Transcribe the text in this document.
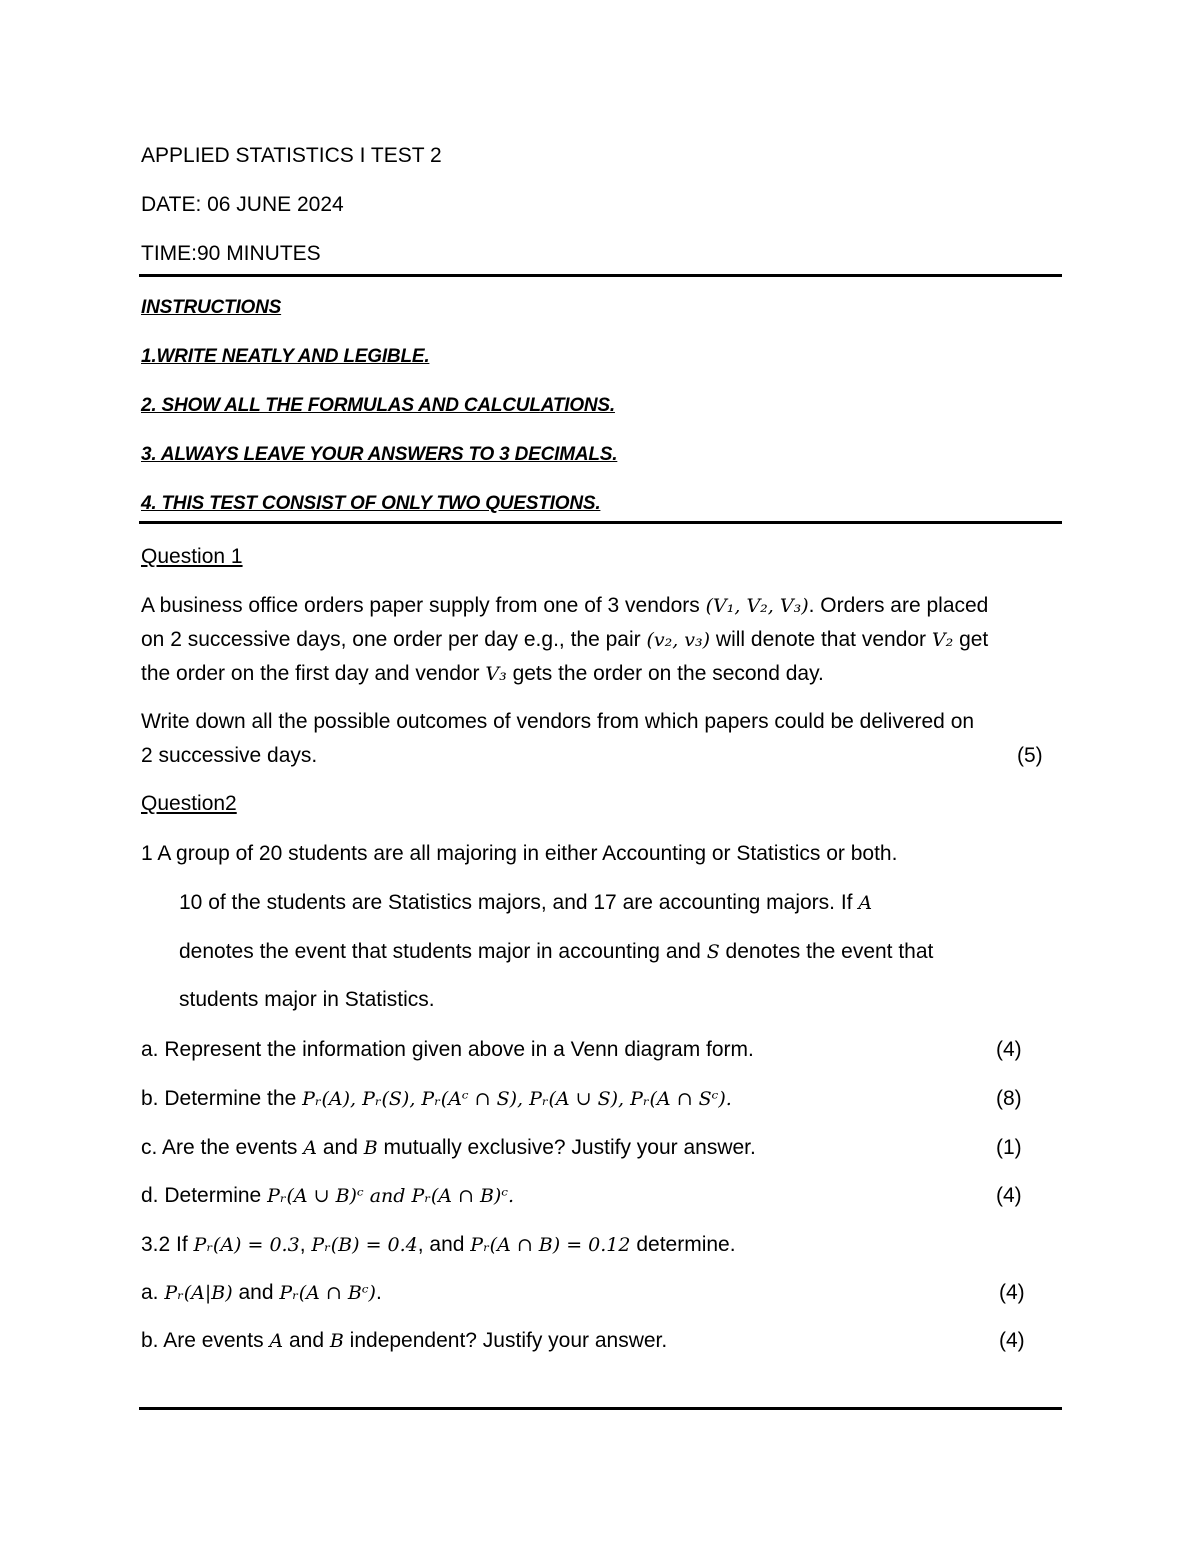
APPLIED STATISTICS I TEST 2
DATE: 06 JUNE 2024
TIME:90 MINUTES
INSTRUCTIONS
1.WRITE NEATLY AND LEGIBLE.
2. SHOW ALL THE FORMULAS AND CALCULATIONS.
3. ALWAYS LEAVE YOUR ANSWERS TO 3 DECIMALS.
4. THIS TEST CONSIST OF ONLY TWO QUESTIONS.
Question 1
A business office orders paper supply from one of 3 vendors (V₁, V₂, V₃). Orders are placed
on 2 successive days, one order per day e.g., the pair (v₂, v₃) will denote that vendor V₂ get
the order on the first day and vendor V₃ gets the order on the second day.
Write down all the possible outcomes of vendors from which papers could be delivered on
2 successive days.	(5)
Question2
1 A group of 20 students are all majoring in either Accounting or Statistics or both.
10 of the students are Statistics majors, and 17 are accounting majors. If A
denotes the event that students major in accounting and S denotes the event that
students major in Statistics.
a. Represent the information given above in a Venn diagram form.	(4)
b. Determine the Pᵣ(A), Pᵣ(S), Pᵣ(Aᶜ ∩ S), Pᵣ(A ∪ S), Pᵣ(A ∩ Sᶜ).	(8)
c. Are the events A and B mutually exclusive? Justify your answer.	(1)
d. Determine Pᵣ(A ∪ B)ᶜ and Pᵣ(A ∩ B)ᶜ.	(4)
3.2 If Pᵣ(A) = 0.3, Pᵣ(B) = 0.4, and Pᵣ(A ∩ B) = 0.12 determine.
a. Pᵣ(A|B) and Pᵣ(A ∩ Bᶜ).	(4)
b. Are events A and B independent? Justify your answer.	(4)
